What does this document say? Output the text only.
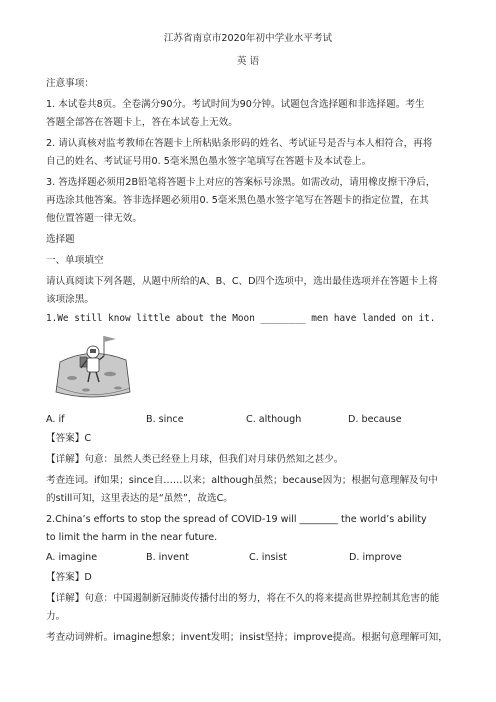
江苏省南京市2020年初中学业水平考试
英 语
注意事项：
1. 本试卷共8页。全卷满分90分。考试时间为90分钟。试题包含选择题和非选择题。考生
答题全部答在答题卡上，答在本试卷上无效。
2. 请认真核对监考教师在答题卡上所粘贴条形码的姓名、考试证号是否与本人相符合，再将
自己的姓名、考试证号用0. 5毫米黑色墨水签字笔填写在答题卡及本试卷上。
3. 答选择题必须用2B铅笔将答题卡上对应的答案标号涂黑。如需改动，请用橡皮擦干净后，
再选涂其他答案。答非选择题必须用0. 5毫米黑色墨水签字笔写在答题卡的指定位置，在其
他位置答题一律无效。
选择题
一、单项填空
请认真阅读下列各题，从题中所给的A、B、C、D四个选项中，选出最佳选项并在答题卡上将
该项涂黑。
1.We still know little about the Moon ________ men have landed on it.
A. if	B. since	C. although	D. because
【答案】C
【详解】句意：虽然人类已经登上月球，但我们对月球仍然知之甚少。
考查连词。if如果；since自……以来；although虽然；because因为；根据句意理解及句中
的still可知，这里表达的是“虽然”，故选C。
2.China’s efforts to stop the spread of COVID-19 will ________ the world’s ability
to limit the harm in the near future.
A. imagine	B. invent	C. insist	D. improve
【答案】D
【详解】句意：中国遏制新冠肺炎传播付出的努力，将在不久的将来提高世界控制其危害的能
力。
考查动词辨析。imagine想象；invent发明；insist坚持；improve提高。根据句意理解可知，
